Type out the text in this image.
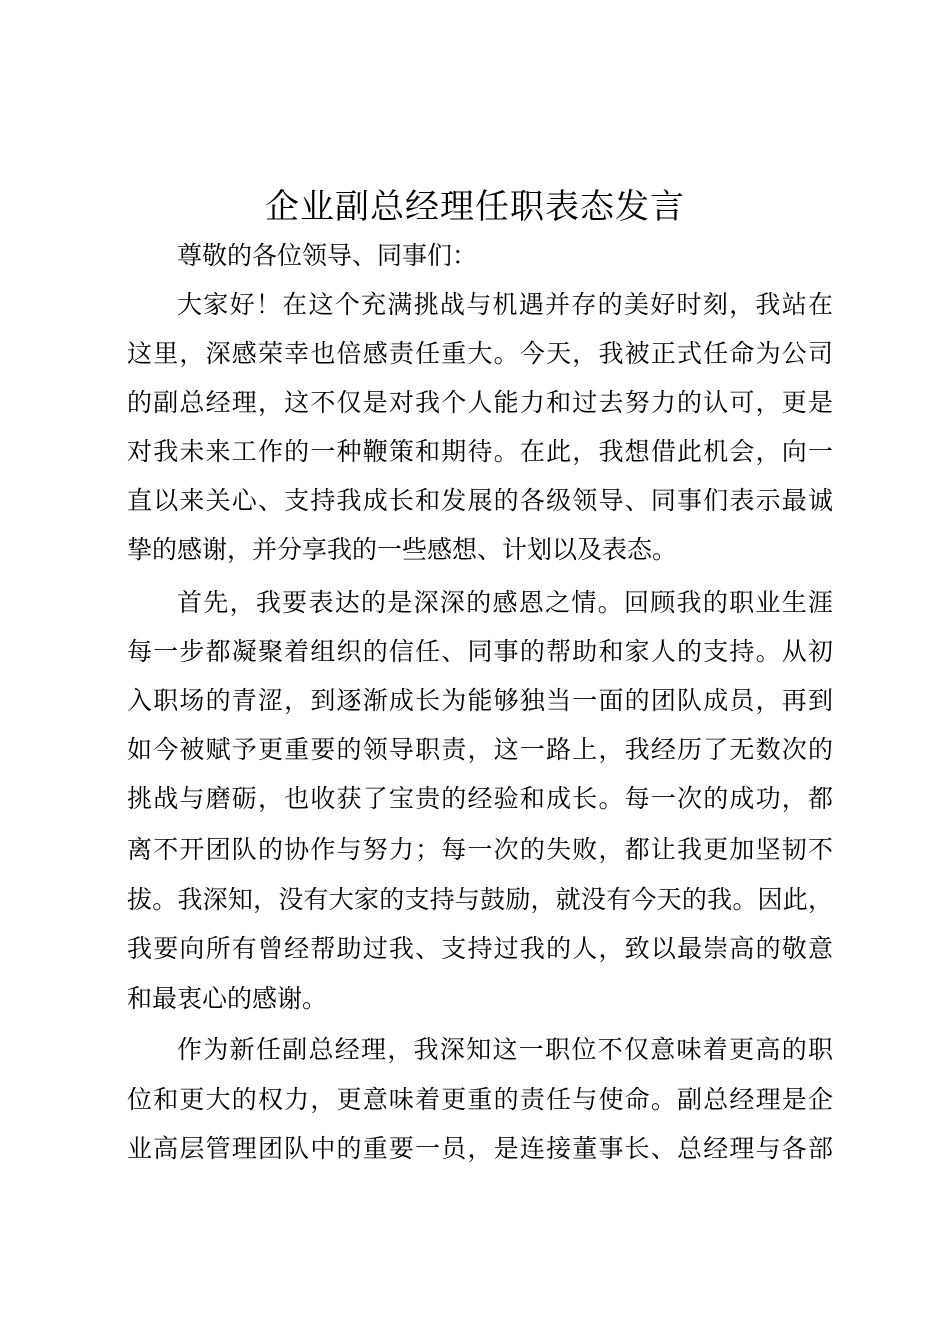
企业副总经理任职表态发言
尊敬的各位领导、同事们：
大家好！在这个充满挑战与机遇并存的美好时刻，我站在
这里，深感荣幸也倍感责任重大。今天，我被正式任命为公司
的副总经理，这不仅是对我个人能力和过去努力的认可，更是
对我未来工作的一种鞭策和期待。在此，我想借此机会，向一
直以来关心、支持我成长和发展的各级领导、同事们表示最诚
挚的感谢，并分享我的一些感想、计划以及表态。
首先，我要表达的是深深的感恩之情。回顾我的职业生涯
每一步都凝聚着组织的信任、同事的帮助和家人的支持。从初
入职场的青涩，到逐渐成长为能够独当一面的团队成员，再到
如今被赋予更重要的领导职责，这一路上，我经历了无数次的
挑战与磨砺，也收获了宝贵的经验和成长。每一次的成功，都
离不开团队的协作与努力；每一次的失败，都让我更加坚韧不
拔。我深知，没有大家的支持与鼓励，就没有今天的我。因此，
我要向所有曾经帮助过我、支持过我的人，致以最崇高的敬意
和最衷心的感谢。
作为新任副总经理，我深知这一职位不仅意味着更高的职
位和更大的权力，更意味着更重的责任与使命。副总经理是企
业高层管理团队中的重要一员，是连接董事长、总经理与各部
